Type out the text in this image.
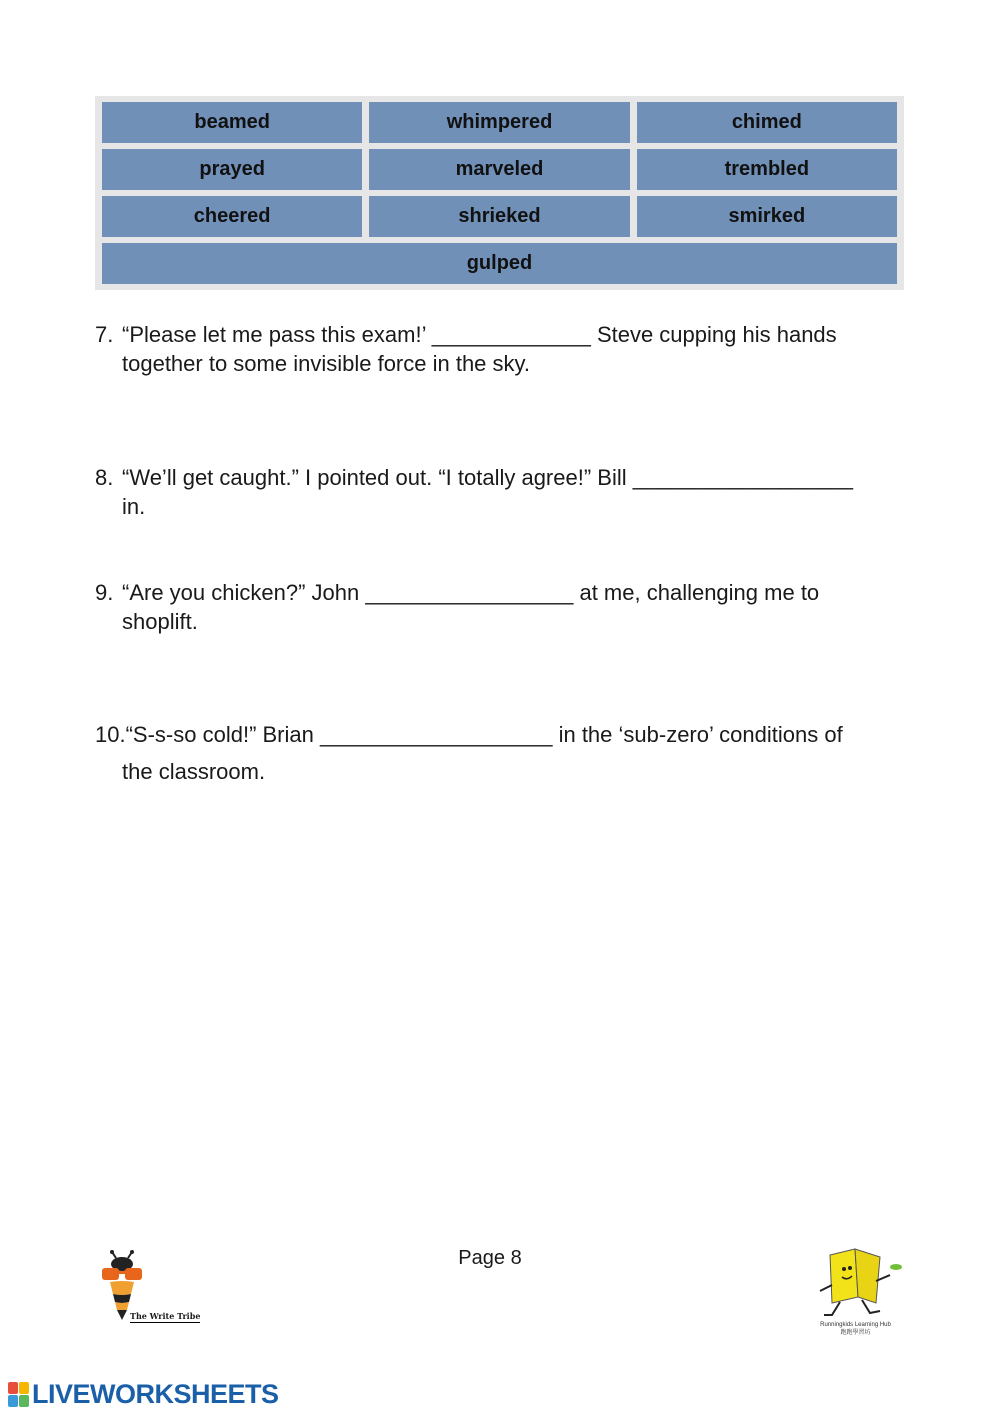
beamed	whimpered	chimed
prayed	marveled	trembled
cheered	shrieked	smirked
gulped
7. “Please let me pass this exam!’ _____________ Steve cupping his hands
together to some invisible force in the sky.
8. “We’ll get caught.” I pointed out. “I totally agree!” Bill __________________
in.
9. “Are you chicken?” John _________________ at me, challenging me to
shoplift.
10.“S-s-so cold!” Brian ___________________ in the ‘sub-zero’ conditions of
the classroom.
Page 8
The Write Tribe
Runningkids Learning Hub
跑跑學習坊
LIVEWORKSHEETS
